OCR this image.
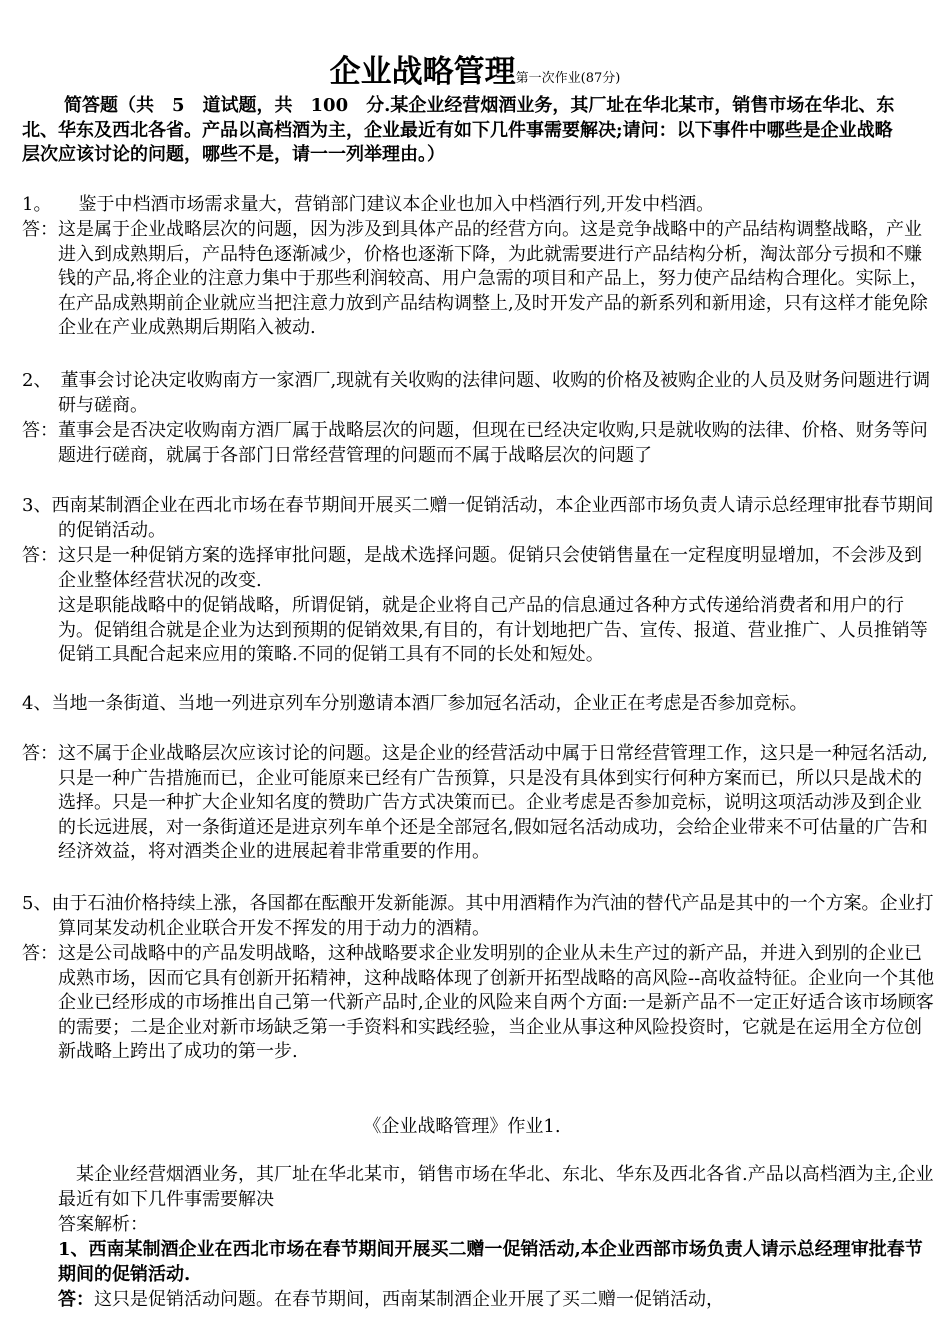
企业战略管理第一次作业(87分)
简答题（共　5　道试题，共　100　分.某企业经营烟酒业务，其厂址在华北某市，销售市场在华北、东北、华东及西北各省。产品以高档酒为主，企业最近有如下几件事需要解决;请问：以下事件中哪些是企业战略层次应该讨论的问题，哪些不是，请一一列举理由。）
1。　　鉴于中档酒市场需求量大，营销部门建议本企业也加入中档酒行列,开发中档酒。
答：这是属于企业战略层次的问题，因为涉及到具体产品的经营方向。这是竞争战略中的产品结构调整战略，产业进入到成熟期后，产品特色逐渐减少，价格也逐渐下降，为此就需要进行产品结构分析，淘汰部分亏损和不赚钱的产品,将企业的注意力集中于那些利润较高、用户急需的项目和产品上，努力使产品结构合理化。实际上，在产品成熟期前企业就应当把注意力放到产品结构调整上,及时开发产品的新系列和新用途，只有这样才能免除企业在产业成熟期后期陷入被动.
2、　董事会讨论决定收购南方一家酒厂,现就有关收购的法律问题、收购的价格及被购企业的人员及财务问题进行调研与磋商。
答：董事会是否决定收购南方酒厂属于战略层次的问题，但现在已经决定收购,只是就收购的法律、价格、财务等问题进行磋商，就属于各部门日常经营管理的问题而不属于战略层次的问题了
3、西南某制酒企业在西北市场在春节期间开展买二赠一促销活动，本企业西部市场负责人请示总经理审批春节期间的促销活动。
答：这只是一种促销方案的选择审批问题，是战术选择问题。促销只会使销售量在一定程度明显增加，不会涉及到企业整体经营状况的改变.
这是职能战略中的促销战略，所谓促销，就是企业将自己产品的信息通过各种方式传递给消费者和用户的行为。促销组合就是企业为达到预期的促销效果,有目的，有计划地把广告、宣传、报道、营业推广、人员推销等促销工具配合起来应用的策略.不同的促销工具有不同的长处和短处。
4、当地一条街道、当地一列进京列车分别邀请本酒厂参加冠名活动，企业正在考虑是否参加竞标。
答：这不属于企业战略层次应该讨论的问题。这是企业的经营活动中属于日常经营管理工作，这只是一种冠名活动,只是一种广告措施而已，企业可能原来已经有广告预算，只是没有具体到实行何种方案而已，所以只是战术的选择。只是一种扩大企业知名度的赞助广告方式决策而已。企业考虑是否参加竞标，说明这项活动涉及到企业的长远进展，对一条街道还是进京列车单个还是全部冠名,假如冠名活动成功，会给企业带来不可估量的广告和经济效益，将对酒类企业的进展起着非常重要的作用。
5、由于石油价格持续上涨，各国都在酝酿开发新能源。其中用酒精作为汽油的替代产品是其中的一个方案。企业打算同某发动机企业联合开发不挥发的用于动力的酒精。
答：这是公司战略中的产品发明战略，这种战略要求企业发明别的企业从未生产过的新产品，并进入到别的企业已成熟市场，因而它具有创新开拓精神，这种战略体现了创新开拓型战略的高风险--高收益特征。企业向一个其他企业已经形成的市场推出自己第一代新产品时,企业的风险来自两个方面:一是新产品不一定正好适合该市场顾客的需要；二是企业对新市场缺乏第一手资料和实践经验，当企业从事这种风险投资时，它就是在运用全方位创新战略上跨出了成功的第一步.
《企业战略管理》作业1.
某企业经营烟酒业务，其厂址在华北某市，销售市场在华北、东北、华东及西北各省.产品以高档酒为主,企业最近有如下几件事需要解决
答案解析：
1、西南某制酒企业在西北市场在春节期间开展买二赠一促销活动,本企业西部市场负责人请示总经理审批春节期间的促销活动.
答：这只是促销活动问题。在春节期间，西南某制酒企业开展了买二赠一促销活动，
